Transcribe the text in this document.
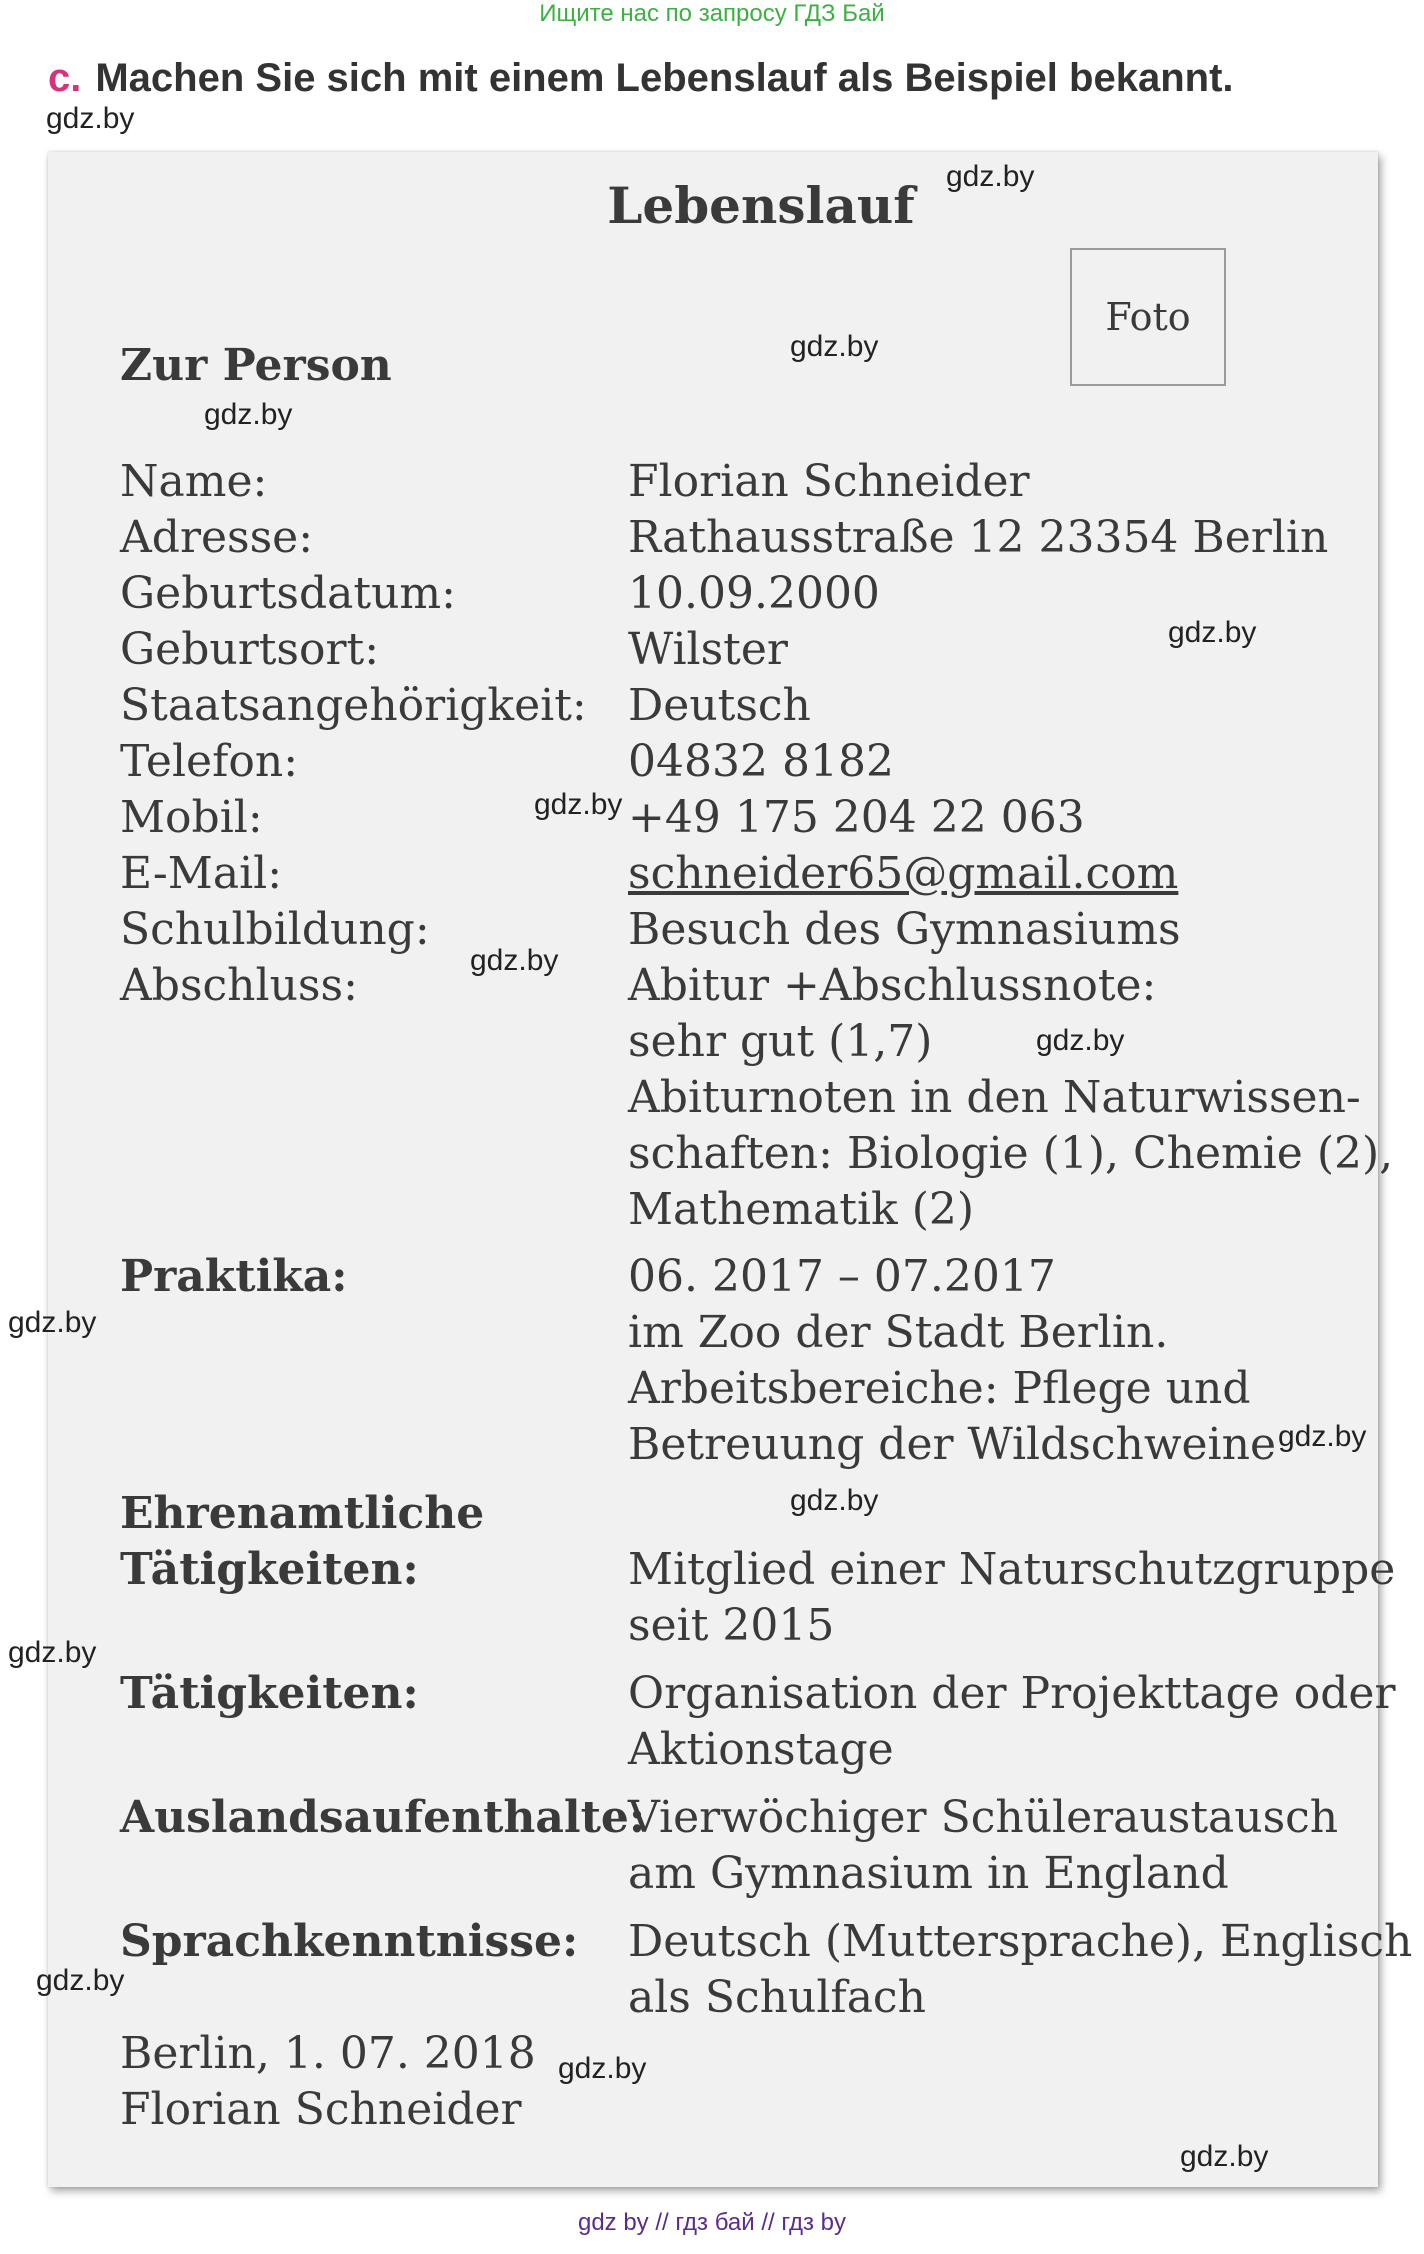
Ищите нас по запросу ГДЗ Бай
c. Machen Sie sich mit einem Lebenslauf als Beispiel bekannt.
Lebenslauf
Foto
Zur Person
Name:	Florian Schneider
Adresse:	Rathausstraße 12 23354 Berlin
Geburtsdatum:	10.09.2000
Geburtsort:	Wilster
Staatsangehörigkeit: Deutsch
Telefon:	04832 8182
Mobil:	+49 175 204 22 063
E-Mail:	schneider65@gmail.com
Schulbildung:	Besuch des Gymnasiums
Abschluss:	Abitur +Abschlussnote:
sehr gut (1,7)
Abiturnoten in den Naturwissen-
schaften: Biologie (1), Chemie (2),
Mathematik (2)
Praktika:	06. 2017 – 07.2017
im Zoo der Stadt Berlin.
Arbeitsbereiche: Pflege und
Betreuung der Wildschweine
Ehrenamtliche
Tätigkeiten:	Mitglied einer Naturschutzgruppe
seit 2015
Tätigkeiten:	Organisation der Projekttage oder
Aktionstage
Auslandsaufenthalte:
Vierwöchiger Schüleraustausch
am Gymnasium in England
Sprachkenntnisse: Deutsch (Muttersprache), Englisch
als Schulfach
Berlin, 1. 07. 2018
Florian Schneider
gdz.by
gdz.by
gdz.by
gdz.by
gdz.by
gdz.by
gdz.by
gdz.by
gdz.by
gdz.by
gdz.by
gdz.by
gdz.by
gdz.by
gdz.by
gdz by // гдз бай // гдз by
